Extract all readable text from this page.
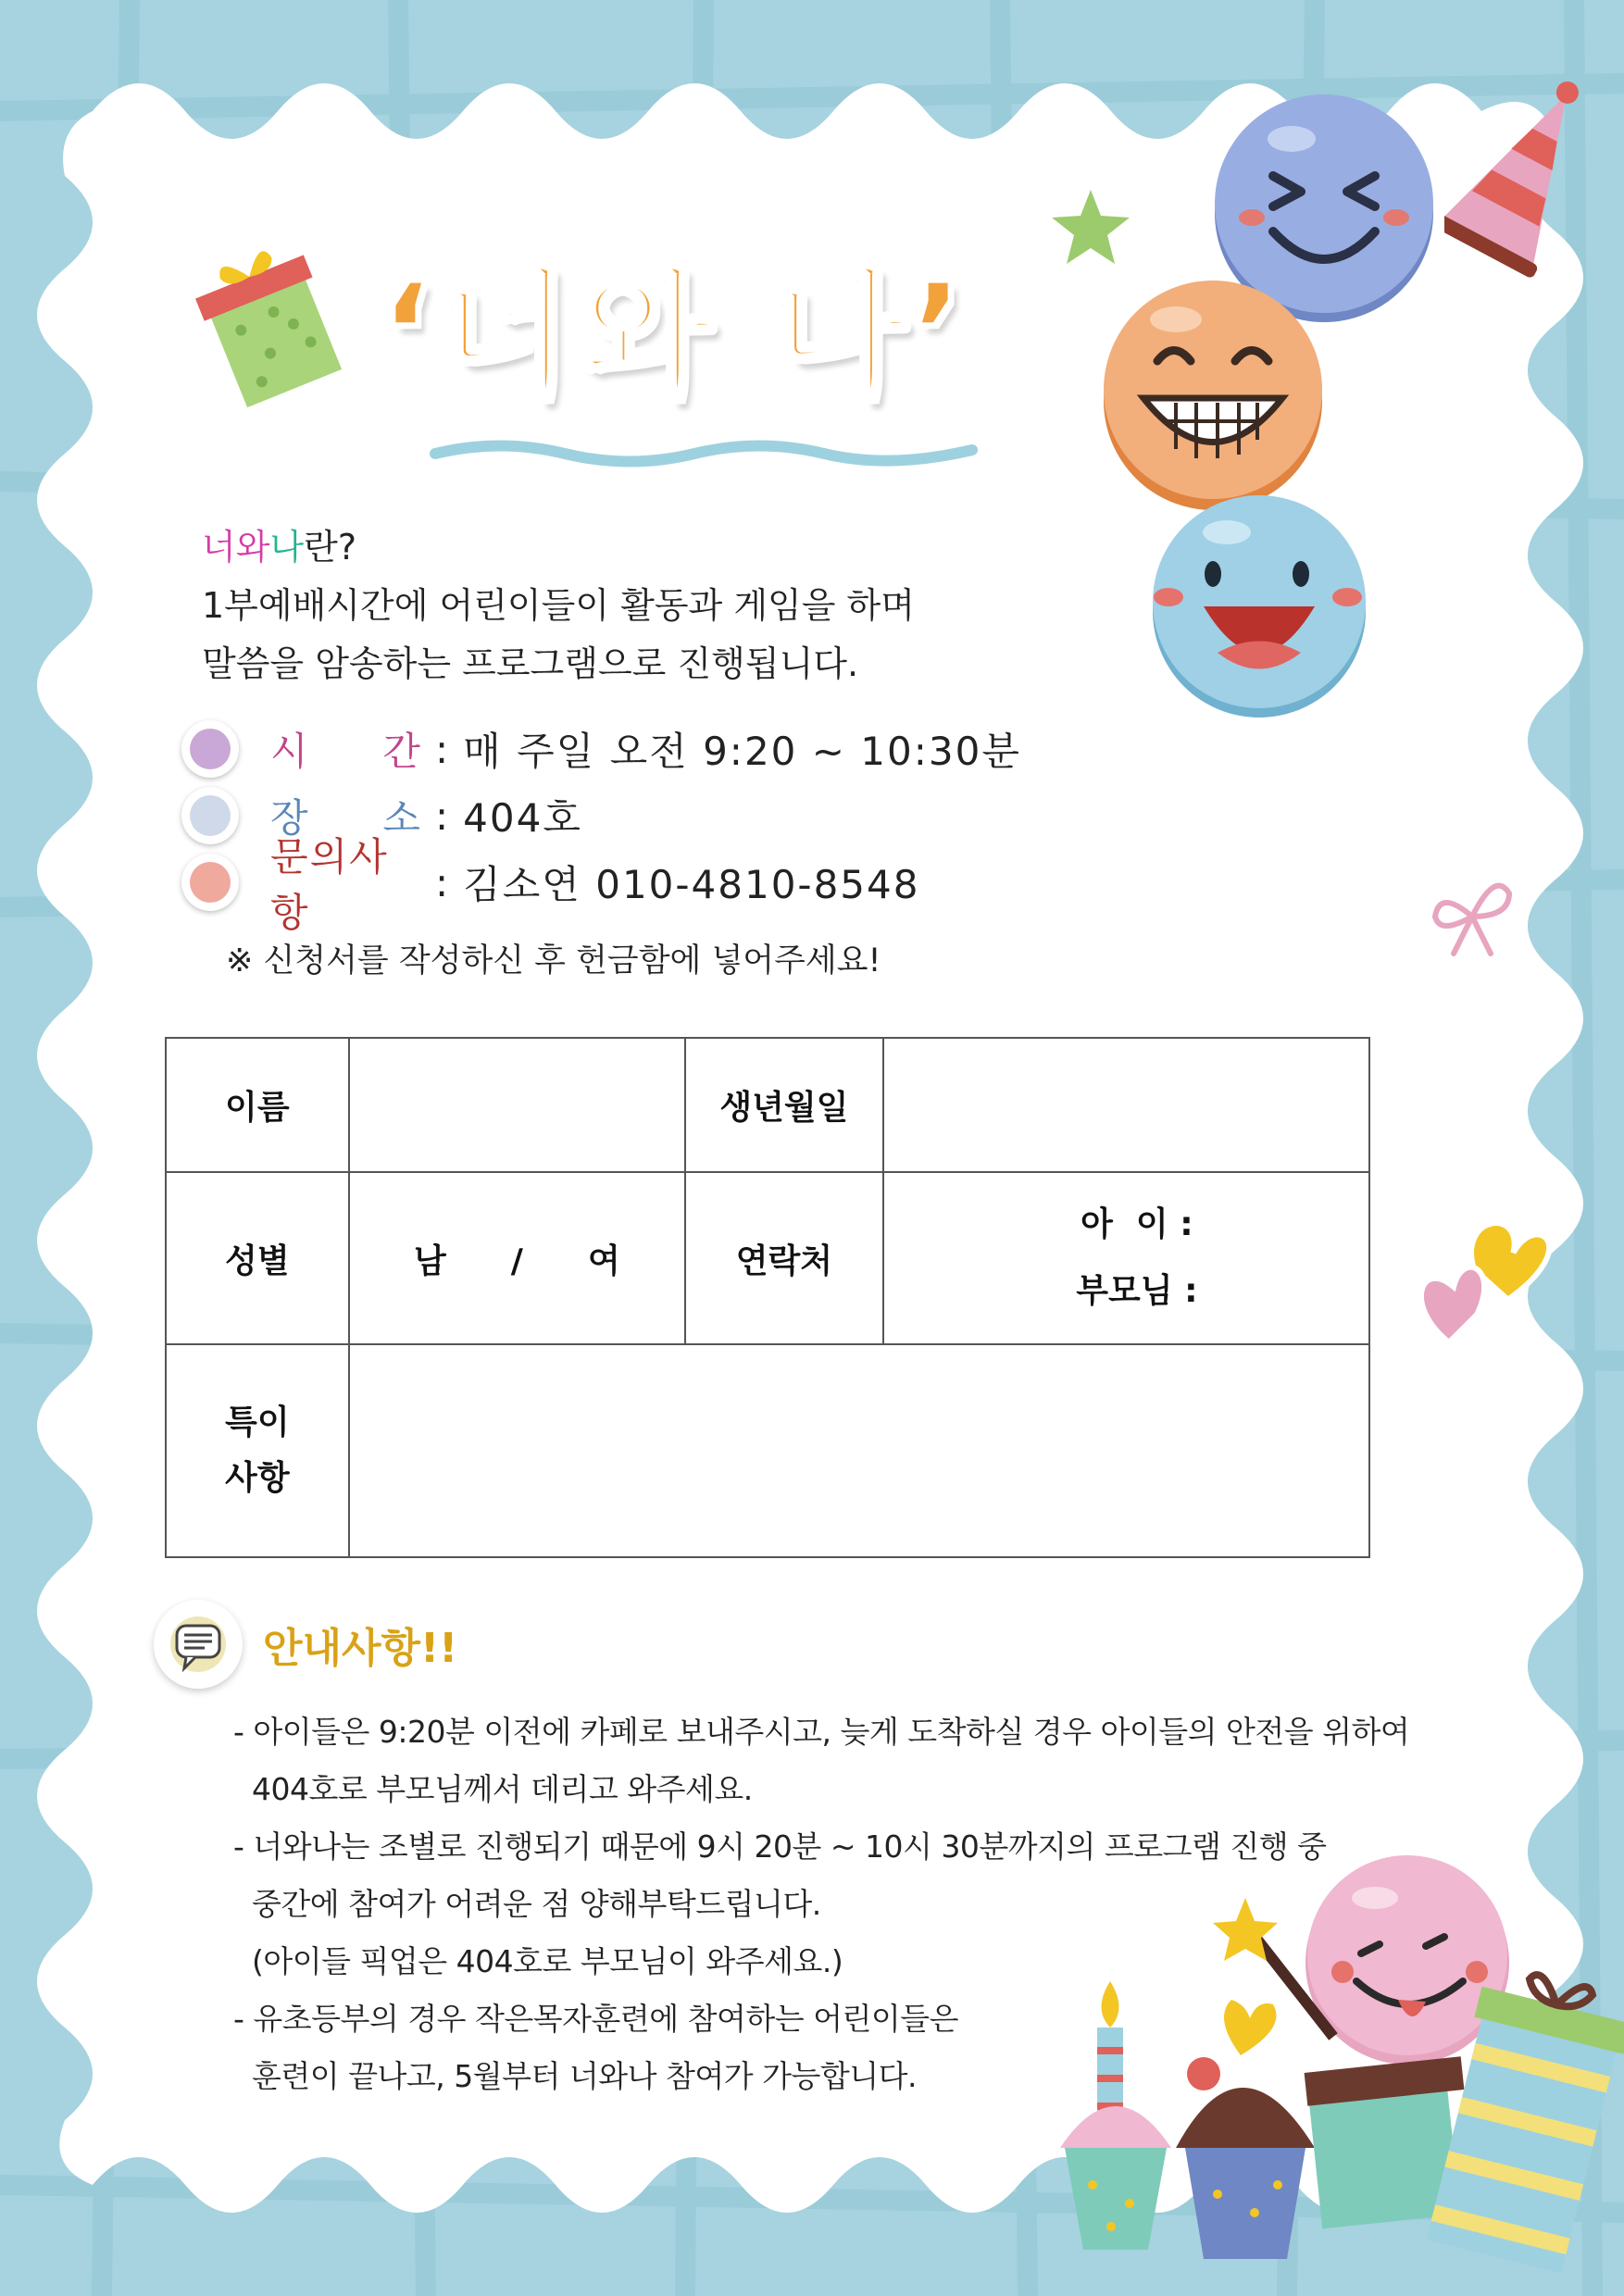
‘너와 나’
너와나란?
1부예배시간에 어린이들이 활동과 게임을 하며
말씀을 암송하는 프로그램으로 진행됩니다.
시 간 : 매 주일 오전 9:20 ~ 10:30분
장 소 : 404호
문의사항
: 김소연 010-4810-8548
※ 신청서를 작성하신 후 헌금함에 넣어주세요!
이름		생년월일	
성별	남 / 여	연락처	아  이 :
부모님 :

특이
사항			

안내사항!!
- 아이들은 9:20분 이전에 카페로 보내주시고, 늦게 도착하실 경우 아이들의 안전을 위하여
404호로 부모님께서 데리고 와주세요.
- 너와나는 조별로 진행되기 때문에 9시 20분 ~ 10시 30분까지의 프로그램 진행 중
중간에 참여가 어려운 점 양해부탁드립니다.
(아이들 픽업은 404호로 부모님이 와주세요.)
- 유초등부의 경우 작은목자훈련에 참여하는 어린이들은
훈련이 끝나고, 5월부터 너와나 참여가 가능합니다.
